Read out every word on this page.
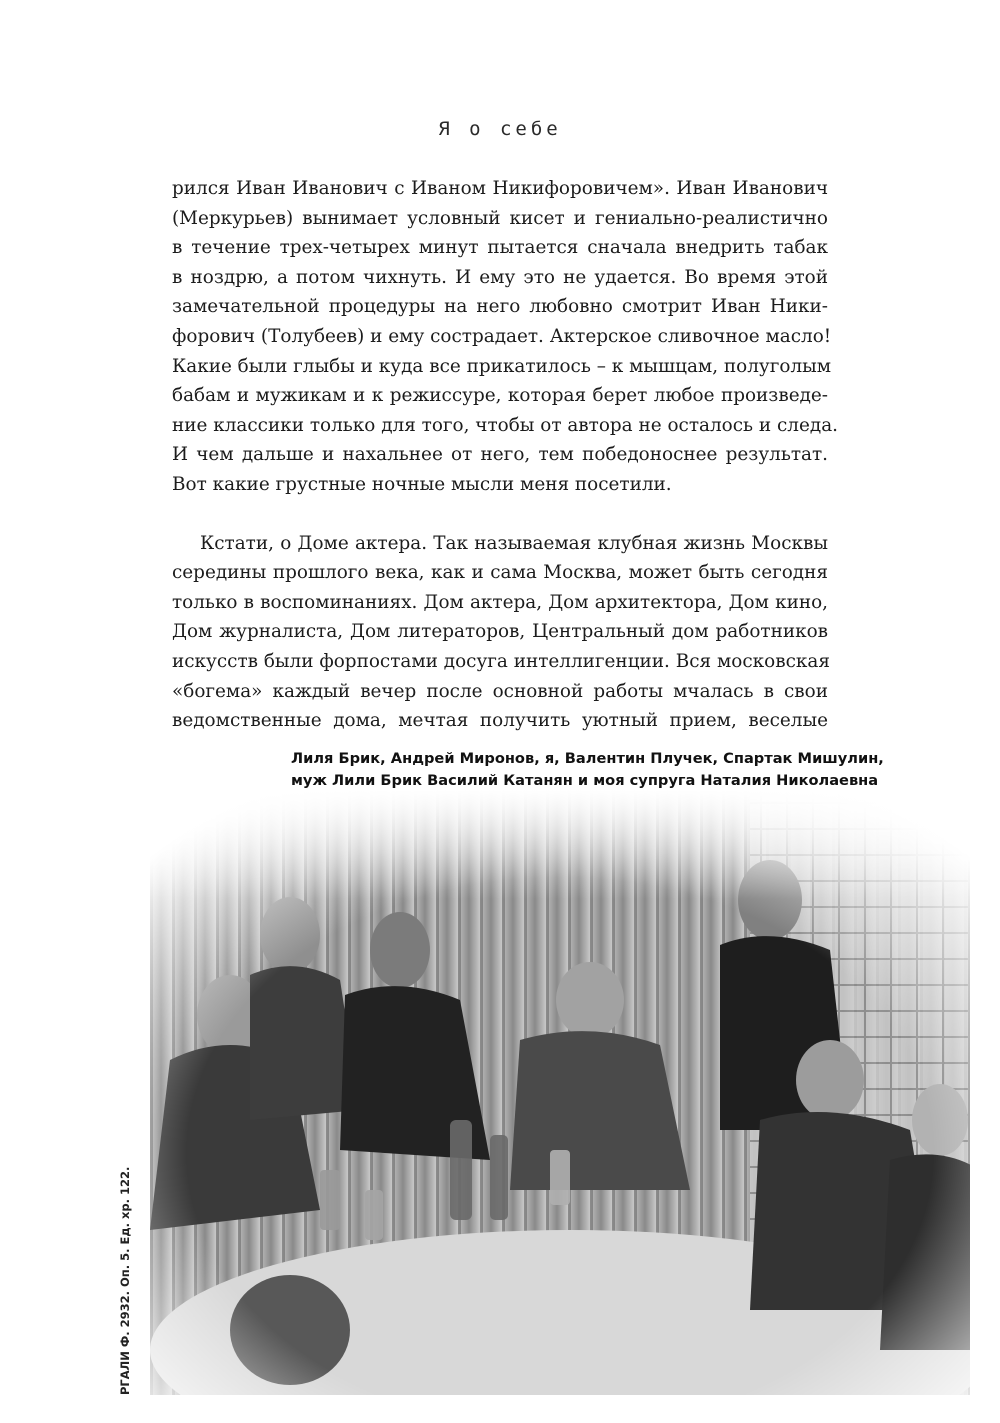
Я о себе

рился Иван Иванович с Иваном Никифоровичем». Иван Иванович
(Меркурьев) вынимает условный кисет и гениально-реалистично
в течение трех-четырех минут пытается сначала внедрить табак
в ноздрю, а потом чихнуть. И ему это не удается. Во время этой
замечательной процедуры на него любовно смотрит Иван Ники-
форович (Толубеев) и ему сострадает. Актерское сливочное масло!
Какие были глыбы и куда все прикатилось – к мышцам, полуголым
бабам и мужикам и к режиссуре, которая берет любое произведе-
ние классики только для того, чтобы от автора не осталось и следа.
И чем дальше и нахальнее от него, тем победоноснее результат.
Вот какие грустные ночные мысли меня посетили.

Кстати, о Доме актера. Так называемая клубная жизнь Москвы
середины прошлого века, как и сама Москва, может быть сегодня
только в воспоминаниях. Дом актера, Дом архитектора, Дом кино,
Дом журналиста, Дом литераторов, Центральный дом работников
искусств были форпостами досуга интеллигенции. Вся московская
«богема» каждый вечер после основной работы мчалась в свои
ведомственные дома, мечтая получить уютный прием, веселые

Лиля Брик, Андрей Миронов, я, Валентин Плучек, Спартак Мишулин,
муж Лили Брик Василий Катанян и моя супруга Наталия Николаевна
РГАЛИ Ф. 2932. Оп. 5. Ед. хр. 122.
